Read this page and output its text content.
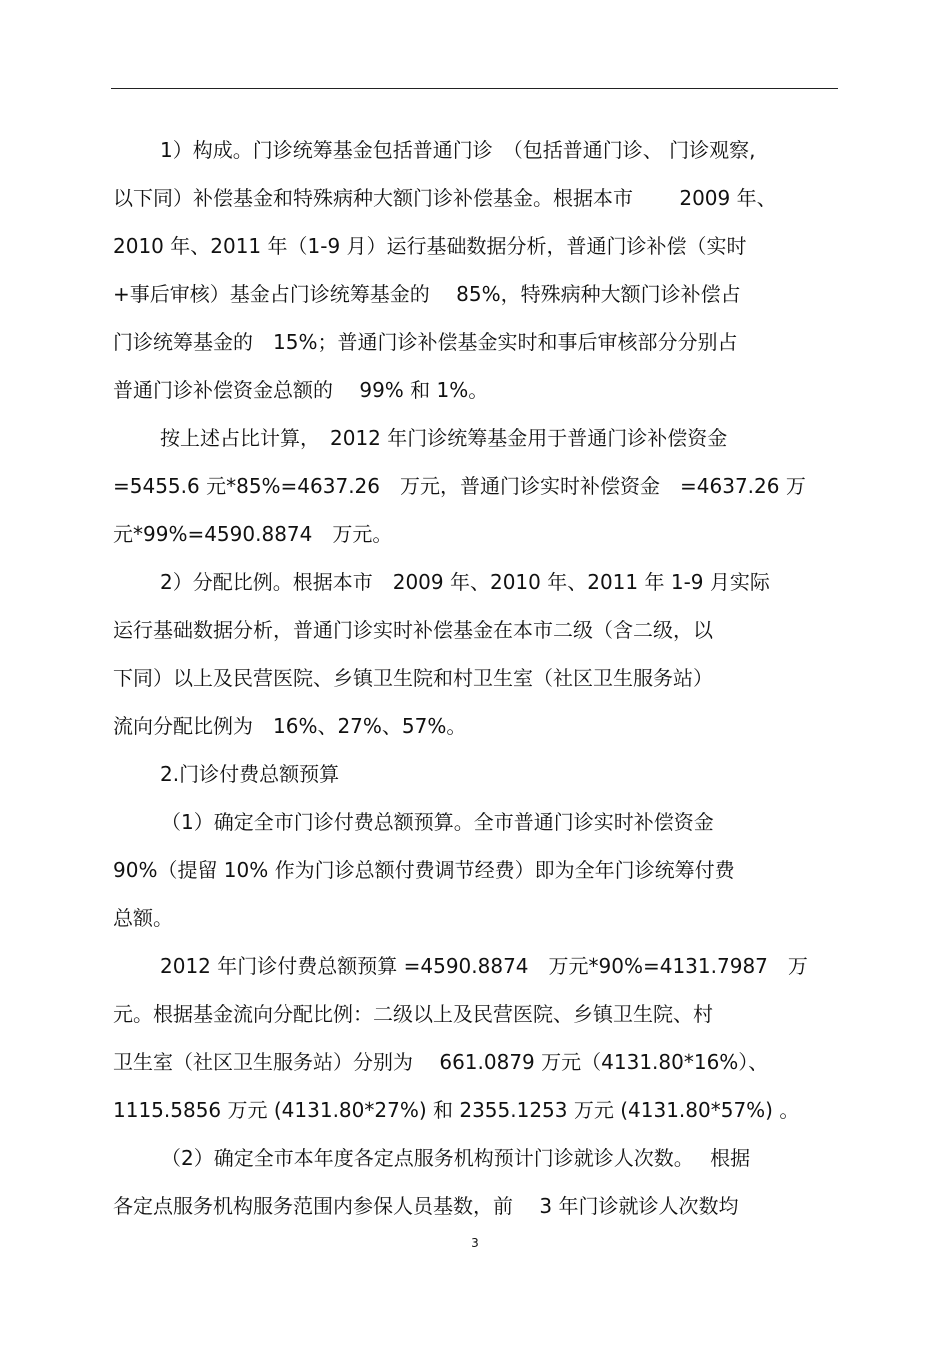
1）构成。门诊统筹基金包括普通门诊　（包括普通门诊、 门诊观察,
以下同）补偿基金和特殊病种大额门诊补偿基金。根据本市　　 2009 年、
2010 年、2011 年（1-9 月）运行基础数据分析，普通门诊补偿（实时
+事后审核）基金占门诊统筹基金的　 85%，特殊病种大额门诊补偿占
门诊统筹基金的　15%；普通门诊补偿基金实时和事后审核部分分别占
普通门诊补偿资金总额的　 99% 和 1%。
按上述占比计算，　2012 年门诊统筹基金用于普通门诊补偿资金
=5455.6 元*85%=4637.26　万元，普通门诊实时补偿资金　=4637.26 万
元*99%=4590.8874　万元。
2）分配比例。根据本市　2009 年、2010 年、2011 年 1-9 月实际
运行基础数据分析，普通门诊实时补偿基金在本市二级（含二级，以
下同）以上及民营医院、乡镇卫生院和村卫生室（社区卫生服务站）
流向分配比例为　16%、27%、57%。
2.门诊付费总额预算
（1）确定全市门诊付费总额预算。全市普通门诊实时补偿资金
90%（提留 10% 作为门诊总额付费调节经费）即为全年门诊统筹付费
总额。
2012 年门诊付费总额预算 =4590.8874　万元*90%=4131.7987　万
元。根据基金流向分配比例：二级以上及民营医院、乡镇卫生院、村
卫生室（社区卫生服务站）分别为　 661.0879 万元（4131.80*16%）、
1115.5856 万元 (4131.80*27%) 和 2355.1253 万元 (4131.80*57%) 。
（2）确定全市本年度各定点服务机构预计门诊就诊人次数。　 根据
各定点服务机构服务范围内参保人员基数，前　 3 年门诊就诊人次数均
3
